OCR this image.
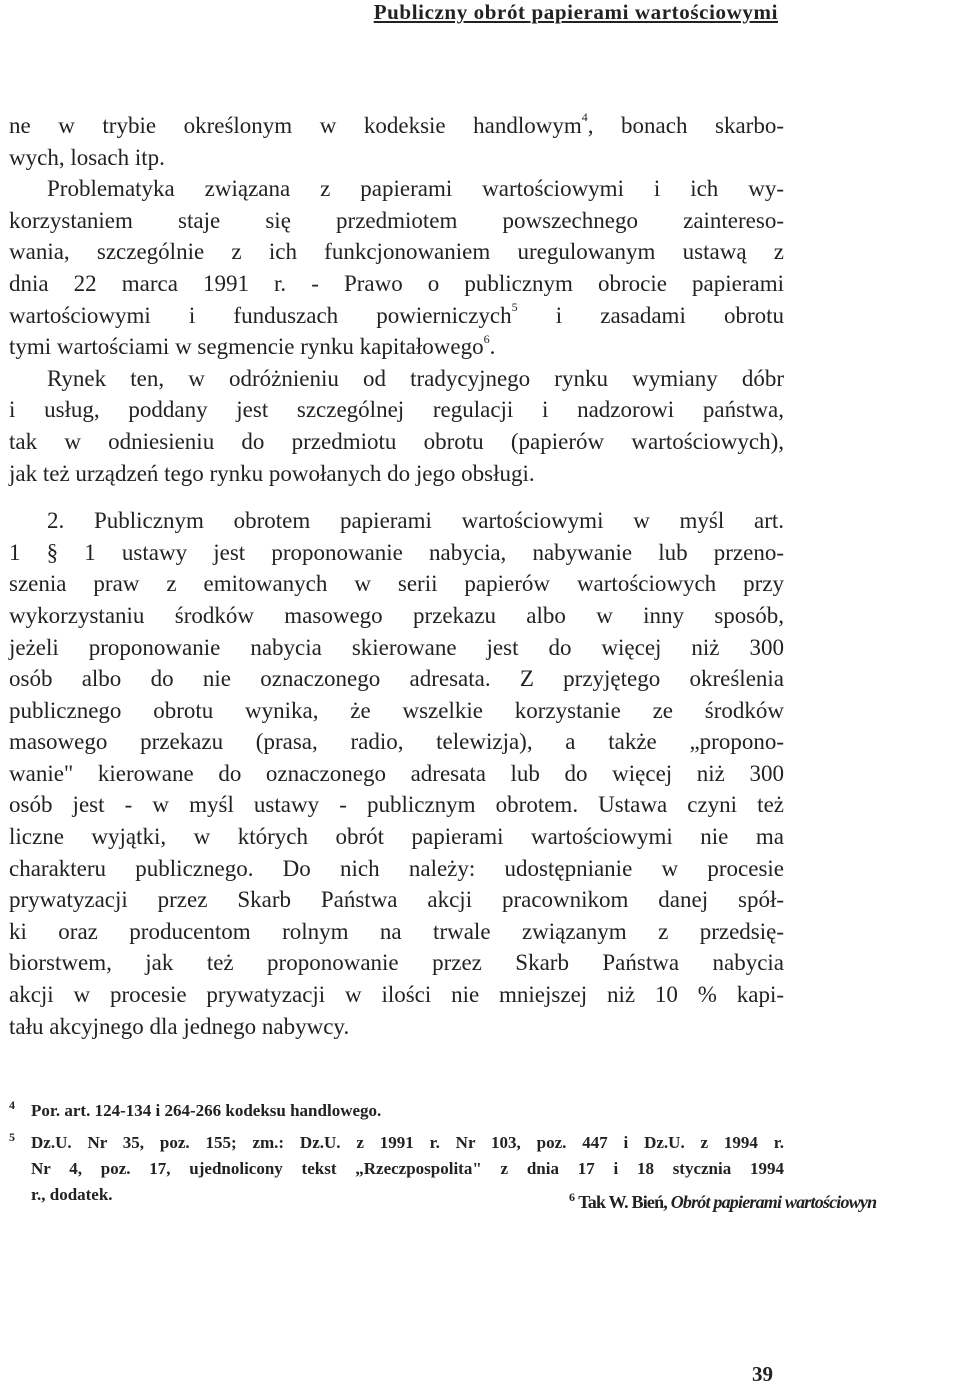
Publiczny obrót papierami wartościowymi
ne w trybie określonym w kodeksie handlowym$^4$, bonach skarbo-
wych, losach itp.
Problematyka związana z papierami wartościowymi i ich wy-
korzystaniem staje się przedmiotem powszechnego zaintereso-
wania, szczególnie z ich funkcjonowaniem uregulowanym ustawą z
dnia 22 marca 1991 r. - Prawo o publicznym obrocie papierami
wartościowymi i funduszach powierniczych$^5$ i zasadami obrotu
tymi wartościami w segmencie rynku kapitałowego$^6$.
Rynek ten, w odróżnieniu od tradycyjnego rynku wymiany dóbr
i usług, poddany jest szczególnej regulacji i nadzorowi państwa,
tak w odniesieniu do przedmiotu obrotu (papierów wartościowych),
jak też urządzeń tego rynku powołanych do jego obsługi.
2. Publicznym obrotem papierami wartościowymi w myśl art.
1 § 1 ustawy jest proponowanie nabycia, nabywanie lub przeno-
szenia praw z emitowanych w serii papierów wartościowych przy
wykorzystaniu środków masowego przekazu albo w inny sposób,
jeżeli proponowanie nabycia skierowane jest do więcej niż 300
osób albo do nie oznaczonego adresata. Z przyjętego określenia
publicznego obrotu wynika, że wszelkie korzystanie ze środków
masowego przekazu (prasa, radio, telewizja), a także „propono-
wanie" kierowane do oznaczonego adresata lub do więcej niż 300
osób jest - w myśl ustawy - publicznym obrotem. Ustawa czyni też
liczne wyjątki, w których obrót papierami wartościowymi nie ma
charakteru publicznego. Do nich należy: udostępnianie w procesie
prywatyzacji przez Skarb Państwa akcji pracownikom danej spół-
ki oraz producentom rolnym na trwale związanym z przedsię-
biorstwem, jak też proponowanie przez Skarb Państwa nabycia
akcji w procesie prywatyzacji w ilości nie mniejszej niż 10 % kapi-
tału akcyjnego dla jednego nabywcy.
4 Por. art. 124-134 i 264-266 kodeksu handlowego.
5 Dz.U. Nr 35, poz. 155; zm.: Dz.U. z 1991 r. Nr 103, poz. 447 i Dz.U. z 1994 r.
Nr 4, poz. 17, ujednolicony tekst „Rzeczpospolita" z dnia 17 i 18 stycznia 1994
r., dodatek.	$^6$ Tak W. Bień, Obrót papierami wartościowyn

39
